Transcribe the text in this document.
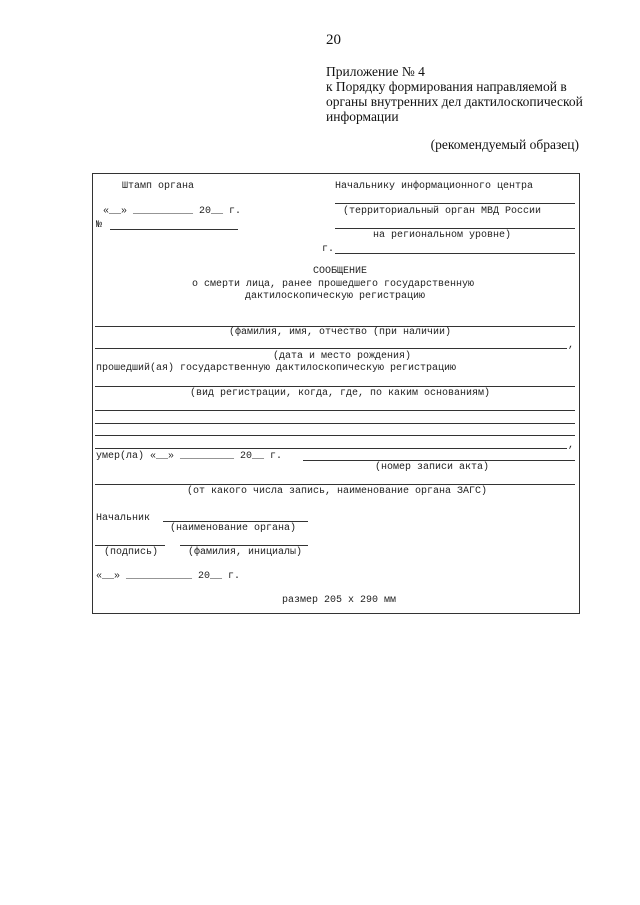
20
Приложение № 4
к Порядку формирования направляемой в
органы внутренних дел дактилоскопической
информации
(рекомендуемый образец)
Штамп органа	Начальнику информационного центра
«__» __________ 20__ г.	(территориальный орган МВД России
№
на региональном уровне)
г.
СООБЩЕНИЕ
о смерти лица, ранее прошедшего государственную
дактилоскопическую регистрацию
(фамилия, имя, отчество (при наличии)
,
(дата и место рождения)
прошедший(ая) государственную дактилоскопическую регистрацию
(вид регистрации, когда, где, по каким основаниям)
,
умер(ла) «__» _________ 20__ г.
(номер записи акта)
(от какого числа запись, наименование органа ЗАГС)
Начальник
(наименование органа)
(подпись)	(фамилия, инициалы)
«__» ___________ 20__ г.
размер 205 х 290 мм
